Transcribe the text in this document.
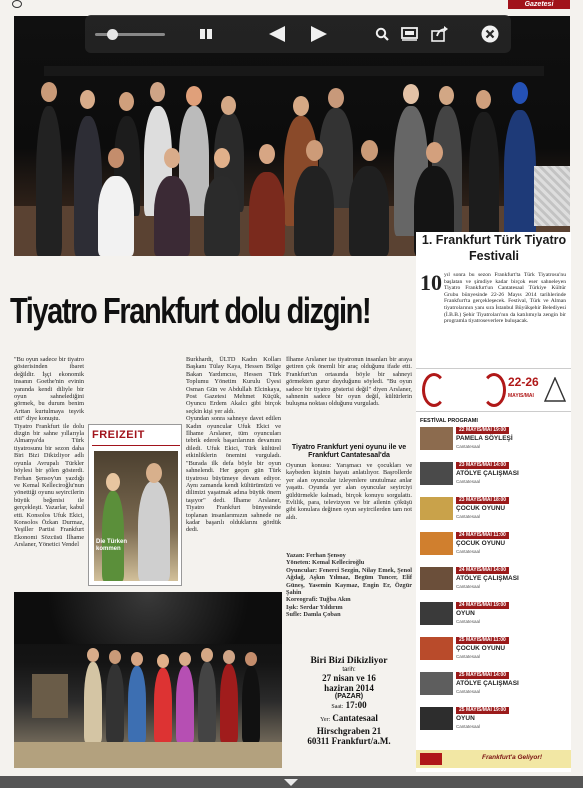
Gazetesi
Tiyatro Frankfurt dolu dizgin!
1. Frankfurt Türk Tiyatro Festivali
10 yıl sonra bu sezon Frankfurt'ta Türk Tiyatrosu'nu başlatan ve şimdiye kadar birçok eser sahneleyen Tiyatro Frankfurt'un Cantatesaal Türkiye Kültür Grubu bünyesinde 22-26 Mayıs 2014 tarihlerinde Frankfurt'ta gerçekleşecek. Festival, Türk ve Alman tiyatrolarının yanı sıra İstanbul Büyükşehir Belediyesi (İ.B.B.) Şehir Tiyatroları'nın da katılımıyla zengin bir programla tiyatroseverlere buluşacak.
22-26
MAYIS/MAI
FESTİVAL PROGRAMI
22 MAYIS/MAI 19:00
PAMELA SÖYLEŞİ
Cantatesaal
23 MAYIS/MAI 14:00
ATÖLYE ÇALIŞMASI
Cantatesaal
23 MAYIS/MAI 18:00
ÇOCUK OYUNU
Cantatesaal
24 MAYIS/MAI 11:00
ÇOCUK OYUNU
Cantatesaal
24 MAYIS/MAI 14:00
ATÖLYE ÇALIŞMASI
Cantatesaal
24 MAYIS/MAI 19:00
OYUN
Cantatesaal
25 MAYIS/MAI 11:00
ÇOCUK OYUNU
Cantatesaal
25 MAYIS/MAI 14:00
ATÖLYE ÇALIŞMASI
Cantatesaal
25 MAYIS/MAI 19:00
OYUN
Cantatesaal
Frankfurt'a Geliyor!
"Bu oyun sadece bir tiyatro gösterisinden ibaret değildir. İşçi ekonomik insanın Goethe'nin evinin yanında kendi diliyle bir oyun sahnelediğini görmek, bu durum benim Arttan kurtulmaya teşvik etti" diye konuştu.
Tiyatro Frankfurt ile dolu dizgin bir sahne yıllarıyla Almanya'da Türk tiyatrosunu bir sezon daha Biri Bizi Dikizliyor adlı oyunla Avrupalı Türkler böylesi bir şölen gösterdi. Ferhan Şensoy'un yazdığı ve Kemal Kelleciroğlu'nun yönettiği oyunu seyircilerin büyük beğenisi ile gerçekleşti. Yazarlar, kabul etti. Konsolos Ufuk Ekici, Konsolos Özkan Durmaz, Yeşiller Partisi Frankfurt Ekonomi Sözcüsü İlhame Arslaner, Yönetici Vendel
FREIZEIT
Die Türken kommen
Burkhardt, ÜLTD Kadın Kolları Başkanı Tülay Kaya, Hessen Bölge Bakan Yardımcısı, Hessen Türk Toplumu Yönetim Kurulu Üyesi Osman Gün ve Abdullah Elcinkaya, Post Gazetesi Mehmet Küçük, Oyuncu Erdem Akalcı gibi birçok seçkin kişi yer aldı.
Oyundan sonra sahneye davet edilen Kadın oyuncular Ufuk Ekici ve İlhame Arslaner, tüm oyuncuları tebrik ederek başarılarının devamını diledi. Ufuk Ekici, Türk kültürel etkinliklerin önemini vurguladı. "Burada ilk defa böyle bir oyun sahnelendi. Her geçen gün Türk tiyatrosu büyümeye devam ediyor. Aynı zamanda kendi kültürümüzü ve dilimizi yaşatmak adına büyük önem taşıyor" dedi. İlhame Arslaner, Tiyatro Frankfurt bünyesinde toplanan insanlarımızın sahnede ne kadar başarılı olduklarını gördük dedi.
İlhame Arslaner ise tiyatronun insanları bir araya getiren çok önemli bir araç olduğunu ifade etti. Frankfurt'un ortasında böyle bir sahneyi görmekten gurur duyduğunu söyledi. "Bu oyun sadece bir tiyatro gösterisi değil" diyen Arslaner, sahnenin sadece bir oyun değil, kültürlerin buluşma noktası olduğunu vurguladı.
Tiyatro Frankfurt yeni oyunu ile ve Frankfurt Cantatesaal'da
Oyunun konusu: Yarışmacı ve çocukları ve kaybeden kişinin hayatı anlatılıyor. Başrollerde yer alan oyuncular izleyenlere unutulmaz anlar yaşattı. Oyunda yer alan oyuncular seyirciyi güldürmekle kalmadı, birçok konuyu sorgulattı. Evlilik, para, televizyon ve bir ailenin çöküşü gibi konulara değinen oyun seyircilerden tam not aldı.
Yazan: Ferhan Şensoy
Yöneten: Kemal Kelleciroğlu
Oyuncular: Fenerci Sezgin, Nilay Emek, Şenol Ağdağ, Aşkın Yılmaz, Begüm Tuncer, Elif Güneş, Yasemin Kaymaz, Engin Er, Özgür Şahin
Koreografi: Tuğba Akın
Işık: Serdar Yıldırım
Sufle: Damla Çoban
Biri Bizi Dikizliyor
tarih:
27 nisan ve 16 haziran 2014
(PAZAR)
Saat: 17:00
Yer: Cantatesaal
Hirschgraben 21
60311 Frankfurt/a.M.
